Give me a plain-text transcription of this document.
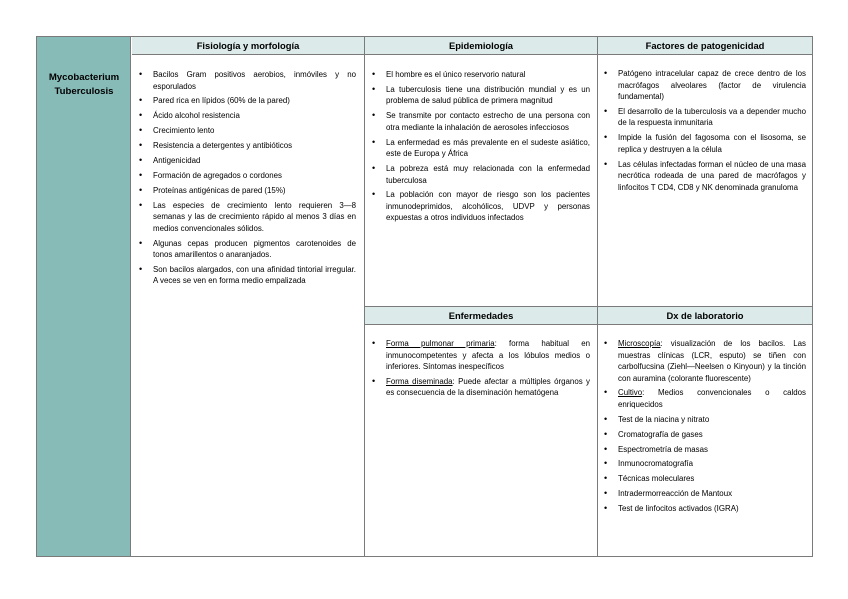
Mycobacterium Tuberculosis
Fisiología y morfología
• Bacilos Gram positivos aerobios, inmóviles y no esporulados
• Pared rica en lípidos (60% de la pared)
• Ácido alcohol resistencia
• Crecimiento lento
• Resistencia a detergentes y antibióticos
• Antigenicidad
• Formación de agregados o cordones
• Proteínas antigénicas de pared (15%)
• Las especies de crecimiento lento requieren 3—8 semanas y las de crecimiento rápido al menos 3 días en medios convencionales sólidos.
• Algunas cepas producen pigmentos carotenoides de tonos amarillentos o anaranjados.
• Son bacilos alargados, con una afinidad tintorial irregular. A veces se ven en forma medio empalizada
Epidemiología
• El hombre es el único reservorio natural
• La tuberculosis tiene una distribución mundial y es un problema de salud pública de primera magnitud
• Se transmite por contacto estrecho de una persona con otra mediante la inhalación de aerosoles infecciosos
• La enfermedad es más prevalente en el sudeste asiático, este de Europa y África
• La pobreza está muy relacionada con la enfermedad tuberculosa
• La población con mayor de riesgo son los pacientes inmunodeprimidos, alcohólicos, UDVP y personas expuestas a otros individuos infectados
Factores de patogenicidad
• Patógeno intracelular capaz de crece dentro de los macrófagos alveolares (factor de virulencia fundamental)
• El desarrollo de la tuberculosis va a depender mucho de la respuesta inmunitaria
• Impide la fusión del fagosoma con el lisosoma, se replica y destruyen a la célula
• Las células infectadas forman el núcleo de una masa necrótica rodeada de una pared de macrófagos y linfocitos T CD4, CD8 y NK denominada granuloma
Enfermedades
• Forma pulmonar primaria: forma habitual en inmunocompetentes y afecta a los lóbulos medios o inferiores. Síntomas inespecíficos
• Forma diseminada: Puede afectar a múltiples órganos y es consecuencia de la diseminación hematógena
Dx de laboratorio
• Microscopía: visualización de los bacilos. Las muestras clínicas (LCR, esputo) se tiñen con carbolfucsina (Ziehl—Neelsen o Kinyoun) y la tinción con auramina (colorante fluorescente)
• Cultivo: Medios convencionales o caldos enriquecidos
• Test de la niacina y nitrato
• Cromatografía de gases
• Espectrometría de masas
• Inmunocromatografía
• Técnicas moleculares
• Intradermorreacción de Mantoux
• Test de linfocitos activados (IGRA)
